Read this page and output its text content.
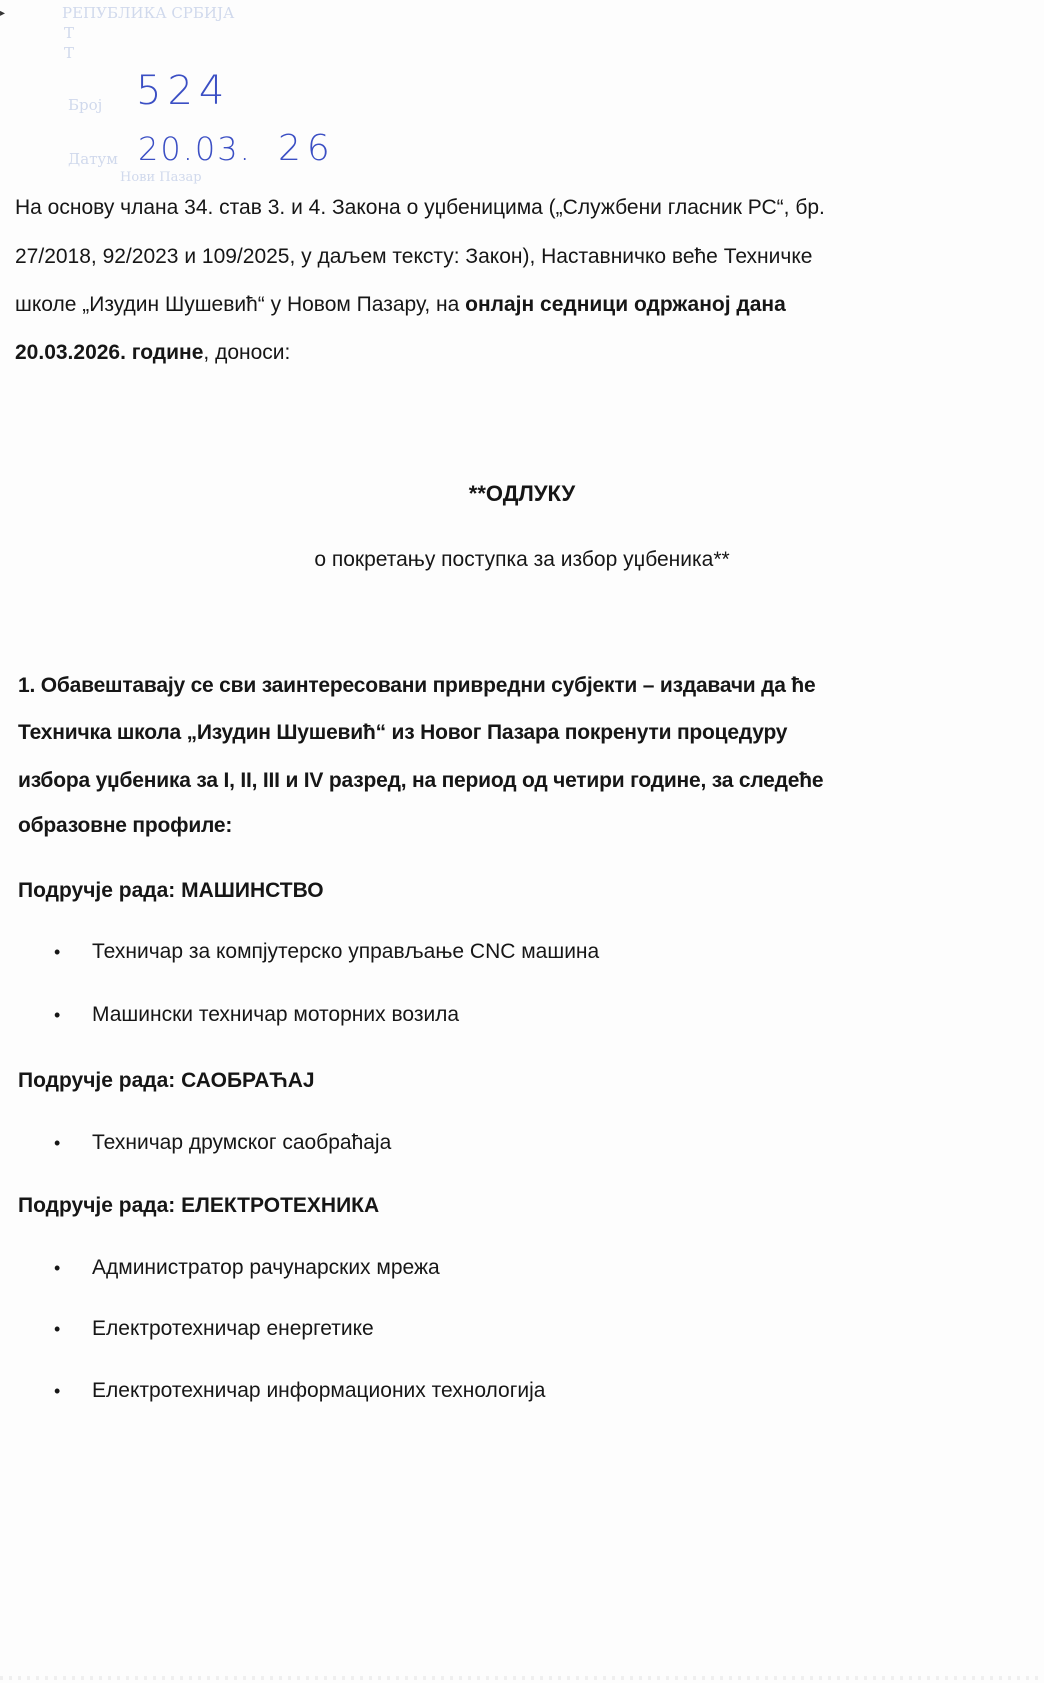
▸	РЕПУБЛИКА СРБИЈА
Т
Т
Број
Датум
Нови Пазар
524
20.03. 26
На основу члана 34. став 3. и 4. Закона о уџбеницима („Службени гласник РС“, бр.
27/2018, 92/2023 и 109/2025, у даљем тексту: Закон), Наставничко веће Техничке
школе „Изудин Шушевић“ у Новом Пазару, на онлајн седници одржаној дана
20.03.2026. године, доноси:
**ОДЛУКУ
о покретању поступка за избор уџбеника**
1. Обавештавају се сви заинтересовани привредни субјекти – издавачи да ће
Техничка школа „Изудин Шушевић“ из Новог Пазара покренути процедуру
избора уџбеника за I, II, III и IV разред, на период од четири године, за следеће
образовне профиле:
Подручје рада: МАШИНСТВО
• Техничар за компјутерско управљање CNC машина
• Машински техничар моторних возила
Подручје рада: САОБРАЋАЈ
• Техничар друмског саобраћаја
Подручје рада: ЕЛЕКТРОТЕХНИКА
• Администратор рачунарских мрежа
• Електротехничар енергетике
• Електротехничар информационих технологија
